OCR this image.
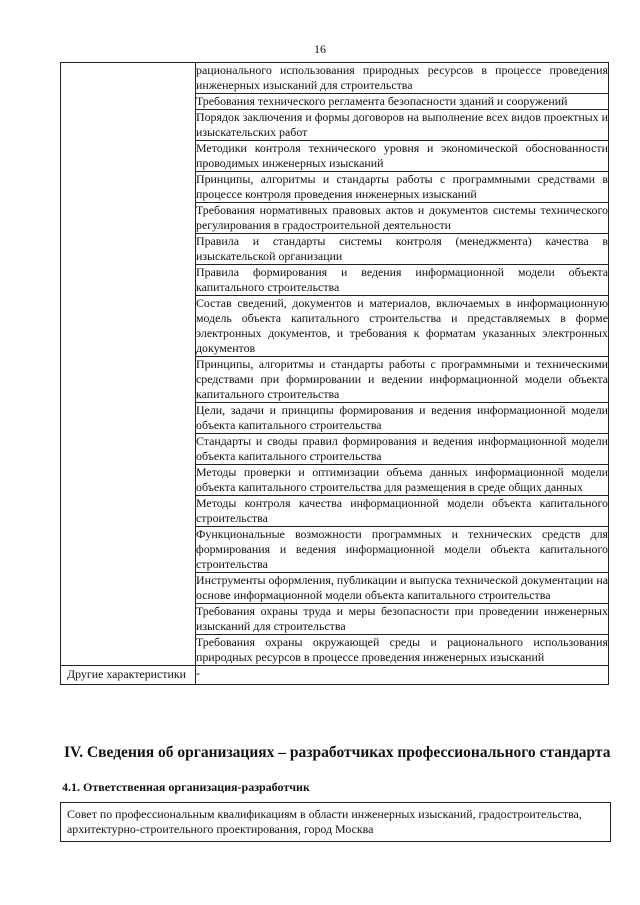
16
	рационального использования природных ресурсов в процессе проведения инженерных изысканий для строительства
	Требования технического регламента безопасности зданий и сооружений
	Порядок заключения и формы договоров на выполнение всех видов проектных и изыскательских работ
	Методики контроля технического уровня и экономической обоснованности проводимых инженерных изысканий
	Принципы, алгоритмы и стандарты работы с программными средствами в процессе контроля проведения инженерных изысканий
	Требования нормативных правовых актов и документов системы технического регулирования в градостроительной деятельности
	Правила и стандарты системы контроля (менеджмента) качества в изыскательской организации
	Правила формирования и ведения информационной модели объекта капитального строительства
	Состав сведений, документов и материалов, включаемых в информационную модель объекта капитального строительства и представляемых в форме электронных документов, и требования к форматам указанных электронных документов
	Принципы, алгоритмы и стандарты работы с программными и техническими средствами при формировании и ведении информационной модели объекта капитального строительства
	Цели, задачи и принципы формирования и ведения информационной модели объекта капитального строительства
	Стандарты и своды правил формирования и ведения информационной модели объекта капитального строительства
	Методы проверки и оптимизации объема данных информационной модели объекта капитального строительства для размещения в среде общих данных
	Методы контроля качества информационной модели объекта капитального строительства
	Функциональные возможности программных и технических средств для формирования и ведения информационной модели объекта капитального строительства
	Инструменты оформления, публикации и выпуска технической документации на основе информационной модели объекта капитального строительства
	Требования охраны труда и меры безопасности при проведении инженерных изысканий для строительства
	Требования охраны окружающей среды и рационального использования природных ресурсов в процессе проведения инженерных изысканий

Другие характеристики	-
IV. Сведения об организациях – разработчиках профессионального стандарта
4.1. Ответственная организация-разработчик
Совет по профессиональным квалификациям в области инженерных изысканий, градостроительства, архитектурно-строительного проектирования, город Москва
